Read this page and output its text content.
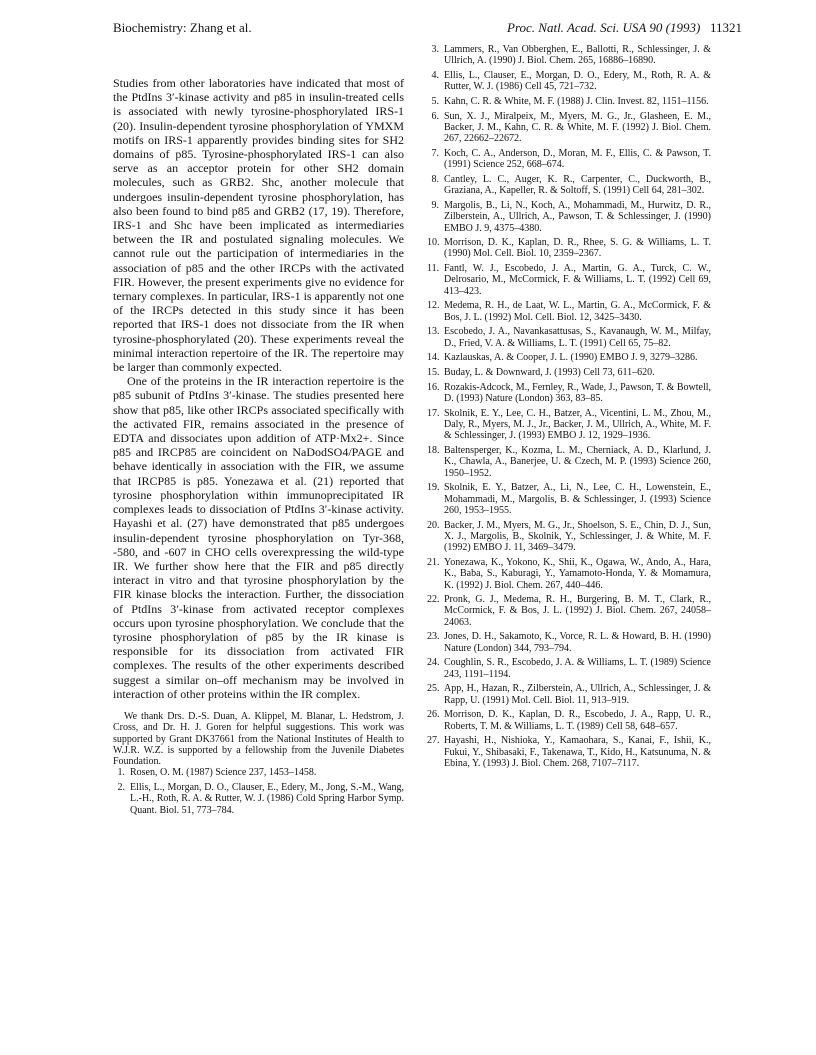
Biochemistry: Zhang et al.	Proc. Natl. Acad. Sci. USA 90 (1993) 11321

Studies from other laboratories have indicated that most of the PtdIns 3′-kinase activity and p85 in insulin-treated cells is associated with newly tyrosine-phosphorylated IRS-1 (20). Insulin-dependent tyrosine phosphorylation of YMXM motifs on IRS-1 apparently provides binding sites for SH2 domains of p85. Tyrosine-phosphorylated IRS-1 can also serve as an acceptor protein for other SH2 domain molecules, such as GRB2. Shc, another molecule that undergoes insulin-dependent tyrosine phosphorylation, has also been found to bind p85 and GRB2 (17, 19). Therefore, IRS-1 and Shc have been implicated as intermediaries between the IR and postulated signaling molecules. We cannot rule out the participation of intermediaries in the association of p85 and the other IRCPs with the activated FIR. However, the present experiments give no evidence for ternary complexes. In particular, IRS-1 is apparently not one of the IRCPs detected in this study since it has been reported that IRS-1 does not dissociate from the IR when tyrosine-phosphorylated (20). These experiments reveal the minimal interaction repertoire of the IR. The repertoire may be larger than commonly expected.

One of the proteins in the IR interaction repertoire is the p85 subunit of PtdIns 3′-kinase. The studies presented here show that p85, like other IRCPs associated specifically with the activated FIR, remains associated in the presence of EDTA and dissociates upon addition of ATP·Mx2+. Since p85 and IRCP85 are coincident on NaDodSO4/PAGE and behave identically in association with the FIR, we assume that IRCP85 is p85. Yonezawa et al. (21) reported that tyrosine phosphorylation within immunoprecipitated IR complexes leads to dissociation of PtdIns 3′-kinase activity. Hayashi et al. (27) have demonstrated that p85 undergoes insulin-dependent tyrosine phosphorylation on Tyr-368, -580, and -607 in CHO cells overexpressing the wild-type IR. We further show here that the FIR and p85 directly interact in vitro and that tyrosine phosphorylation by the FIR kinase blocks the interaction. Further, the dissociation of PtdIns 3′-kinase from activated receptor complexes occurs upon tyrosine phosphorylation. We conclude that the tyrosine phosphorylation of p85 by the IR kinase is responsible for its dissociation from activated FIR complexes. The results of the other experiments described suggest a similar on–off mechanism may be involved in interaction of other proteins within the IR complex.

We thank Drs. D.-S. Duan, A. Klippel, M. Blanar, L. Hedstrom, J. Cross, and Dr. H. J. Goren for helpful suggestions. This work was supported by Grant DK37661 from the National Institutes of Health to W.J.R. W.Z. is supported by a fellowship from the Juvenile Diabetes Foundation.

1. Rosen, O. M. (1987) Science 237, 1453–1458.
2. Ellis, L., Morgan, D. O., Clauser, E., Edery, M., Jong, S.-M., Wang, L.-H., Roth, R. A. & Rutter, W. J. (1986) Cold Spring Harbor Symp. Quant. Biol. 51, 773–784.
3. Lammers, R., Van Obberghen, E., Ballotti, R., Schlessinger, J. & Ullrich, A. (1990) J. Biol. Chem. 265, 16886–16890.
4. Ellis, L., Clauser, E., Morgan, D. O., Edery, M., Roth, R. A. & Rutter, W. J. (1986) Cell 45, 721–732.
5. Kahn, C. R. & White, M. F. (1988) J. Clin. Invest. 82, 1151–1156.
6. Sun, X. J., Miralpeix, M., Myers, M. G., Jr., Glasheen, E. M., Backer, J. M., Kahn, C. R. & White, M. F. (1992) J. Biol. Chem. 267, 22662–22672.
7. Koch, C. A., Anderson, D., Moran, M. F., Ellis, C. & Pawson, T. (1991) Science 252, 668–674.
8. Cantley, L. C., Auger, K. R., Carpenter, C., Duckworth, B., Graziana, A., Kapeller, R. & Soltoff, S. (1991) Cell 64, 281–302.
9. Margolis, B., Li, N., Koch, A., Mohammadi, M., Hurwitz, D. R., Zilberstein, A., Ullrich, A., Pawson, T. & Schlessinger, J. (1990) EMBO J. 9, 4375–4380.
10. Morrison, D. K., Kaplan, D. R., Rhee, S. G. & Williams, L. T. (1990) Mol. Cell. Biol. 10, 2359–2367.
11. Fantl, W. J., Escobedo, J. A., Martin, G. A., Turck, C. W., Delrosario, M., McCormick, F. & Williams, L. T. (1992) Cell 69, 413–423.
12. Medema, R. H., de Laat, W. L., Martin, G. A., McCormick, F. & Bos, J. L. (1992) Mol. Cell. Biol. 12, 3425–3430.
13. Escobedo, J. A., Navankasattusas, S., Kavanaugh, W. M., Milfay, D., Fried, V. A. & Williams, L. T. (1991) Cell 65, 75–82.
14. Kazlauskas, A. & Cooper, J. L. (1990) EMBO J. 9, 3279–3286.
15. Buday, L. & Downward, J. (1993) Cell 73, 611–620.
16. Rozakis-Adcock, M., Fernley, R., Wade, J., Pawson, T. & Bowtell, D. (1993) Nature (London) 363, 83–85.
17. Skolnik, E. Y., Lee, C. H., Batzer, A., Vicentini, L. M., Zhou, M., Daly, R., Myers, M. J., Jr., Backer, J. M., Ullrich, A., White, M. F. & Schlessinger, J. (1993) EMBO J. 12, 1929–1936.
18. Baltensperger, K., Kozma, L. M., Cherniack, A. D., Klarlund, J. K., Chawla, A., Banerjee, U. & Czech, M. P. (1993) Science 260, 1950–1952.
19. Skolnik, E. Y., Batzer, A., Li, N., Lee, C. H., Lowenstein, E., Mohammadi, M., Margolis, B. & Schlessinger, J. (1993) Science 260, 1953–1955.
20. Backer, J. M., Myers, M. G., Jr., Shoelson, S. E., Chin, D. J., Sun, X. J., Margolis, B., Skolnik, Y., Schlessinger, J. & White, M. F. (1992) EMBO J. 11, 3469–3479.
21. Yonezawa, K., Yokono, K., Shii, K., Ogawa, W., Ando, A., Hara, K., Baba, S., Kaburagi, Y., Yamamoto-Honda, Y. & Momamura, K. (1992) J. Biol. Chem. 267, 440–446.
22. Pronk, G. J., Medema, R. H., Burgering, B. M. T., Clark, R., McCormick, F. & Bos, J. L. (1992) J. Biol. Chem. 267, 24058–24063.
23. Jones, D. H., Sakamoto, K., Vorce, R. L. & Howard, B. H. (1990) Nature (London) 344, 793–794.
24. Coughlin, S. R., Escobedo, J. A. & Williams, L. T. (1989) Science 243, 1191–1194.
25. App, H., Hazan, R., Zilberstein, A., Ullrich, A., Schlessinger, J. & Rapp, U. (1991) Mol. Cell. Biol. 11, 913–919.
26. Morrison, D. K., Kaplan, D. R., Escobedo, J. A., Rapp, U. R., Roberts, T. M. & Williams, L. T. (1989) Cell 58, 648–657.
27. Hayashi, H., Nishioka, Y., Kamaohara, S., Kanai, F., Ishii, K., Fukui, Y., Shibasaki, F., Takenawa, T., Kido, H., Katsunuma, N. & Ebina, Y. (1993) J. Biol. Chem. 268, 7107–7117.
